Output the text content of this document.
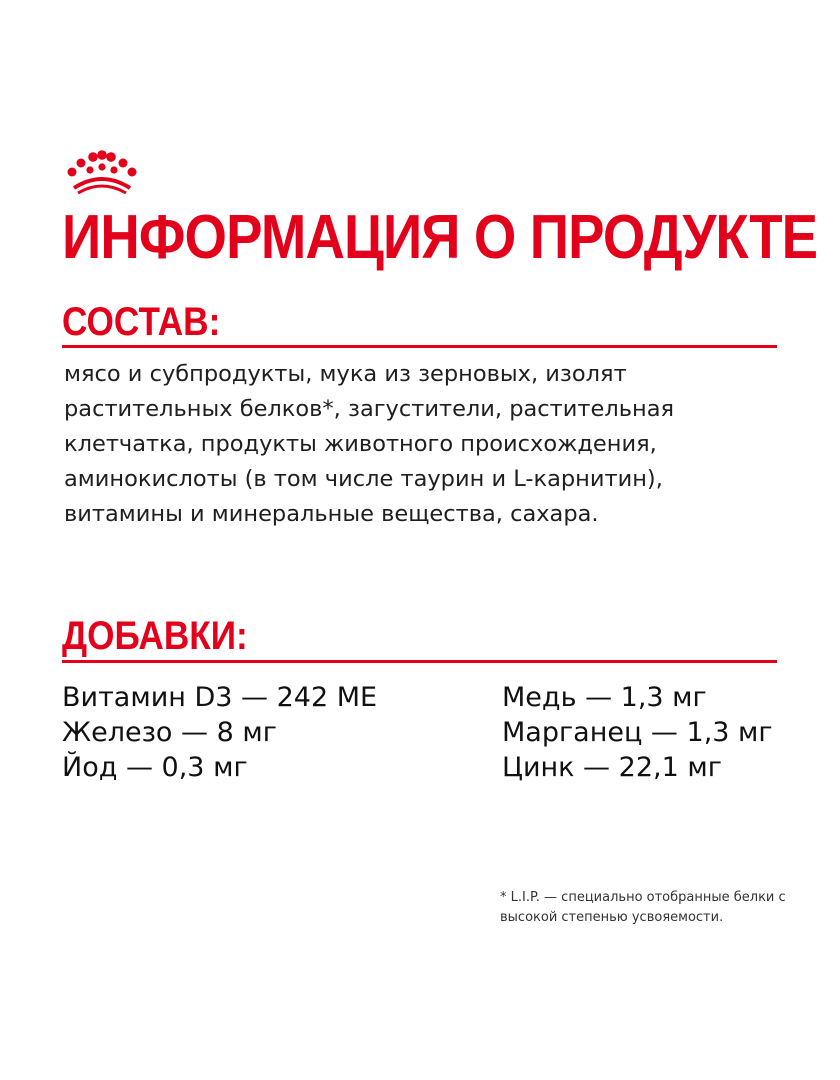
ИНФОРМАЦИЯ О ПРОДУКТЕ
СОСТАВ:

мясо и субпродукты, мука из зерновых, изолят растительных белков*, загустители, растительная клетчатка, продукты животного происхождения, аминокислоты (в том числе таурин и L-карнитин), витамины и минеральные вещества, сахара.

ДОБАВКИ:
Витамин D3 — 242 МЕ
Железо — 8 мг
Йод — 0,3 мг
Медь — 1,3 мг
Марганец — 1,3 мг
Цинк — 22,1 мг

* L.I.P. — специально отобранные белки с высокой степенью усвояемости.
